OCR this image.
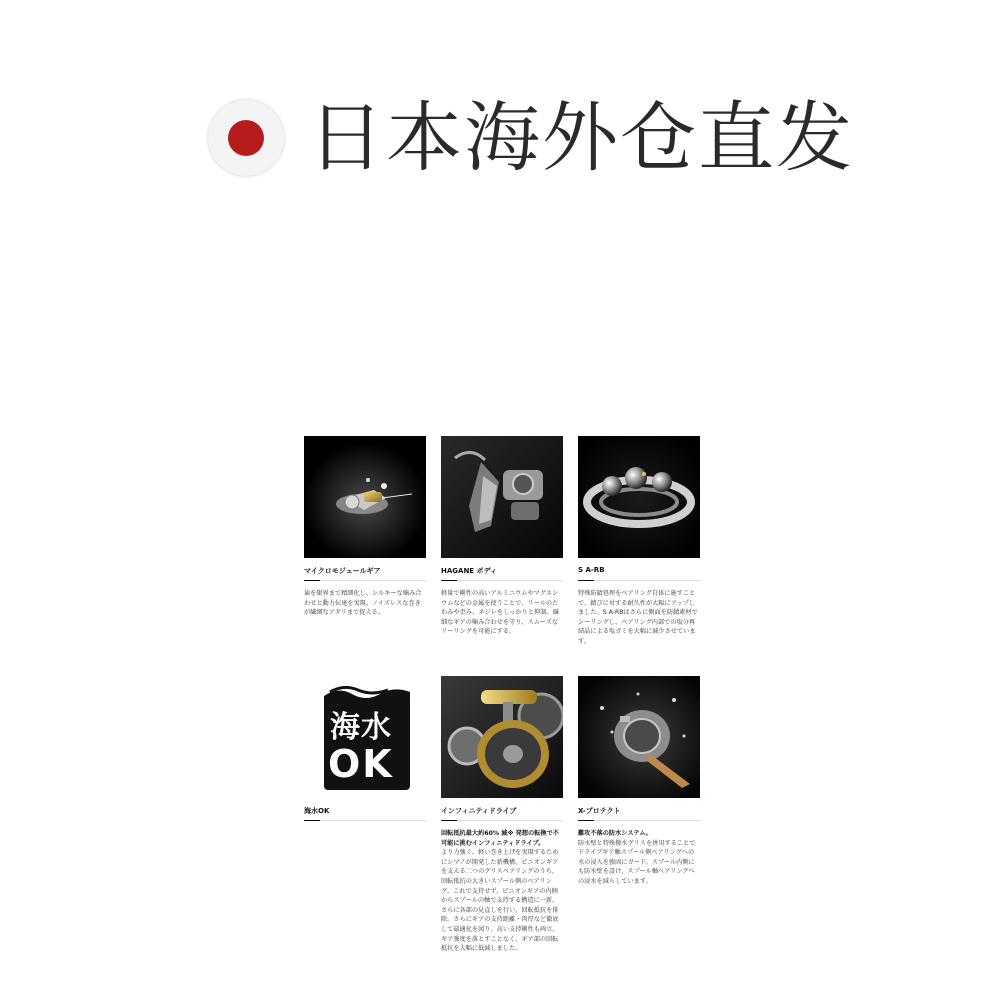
日本海外仓直发
マイクロモジュールギア

歯を限界まで精細化し、シルキーな噛み合わせと動力伝達を実現。ノイズレスな巻きが繊細なアタリまで捉える。

HAGANE ボディ

軽量で剛性の高いアルミニウムやマグネシウムなどの金属を使うことで、リールのたわみや歪み、ネジレをしっかりと抑制。繊細なギアの噛み合わせを守り、スムーズなリーリングを可能にする。

S A-RB

特殊防錆処理をベアリング自体に施すことで、錆びに対する耐久性が大幅にアップしました。S A-RBはさらに側面を防錆素材でシーリングし、ベアリング内部での塩分再結晶による塩ガミを大幅に減少させています。

海水
OK
海水OK	インフィニティドライブ

回転抵抗最大約60% 減※ 発想の転換で不可能に挑むインフィニティドライブ。

より力強く、軽い巻き上げを実現するためにシマノが開発した新機構。ピニオンギアを支える二つのグリスベアリングのうち、回転抵抗の大きいスプール側のベアリング。これで支持せず、ピニオンギアの内側からスプールの軸で支持する構造に一新。さらに各部の見直しを行い、回転抵抗を排除。さらにギアの支持距離・肉厚など徹底して最適化を図り、高い支持剛性も両立。ギア強度を落とすことなく、ギア部の回転抵抗を大幅に低減しました。

X-プロテクト

難攻不落の防水システム。

防水壁と特殊撥水グリスを併用することでドライブギア軸スプール側ベアリングへの水の浸入を強固にガード。スプール内側にも防水壁を設け、スプール軸ベアリングへの浸水を減らしています。
